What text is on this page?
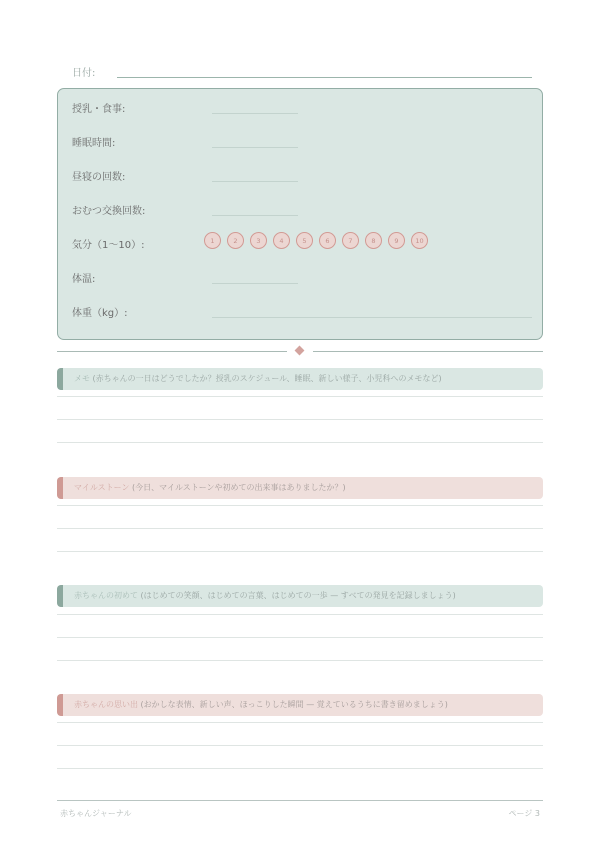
日付:
授乳・食事:
睡眠時間:
昼寝の回数:
おむつ交換回数:
気分（1〜10）:	1	2	3	4	5	6	7	8	9	10
体温:
体重（kg）:
メモ (赤ちゃんの一日はどうでしたか？授乳のスケジュール、睡眠、新しい様子、小児科へのメモなど)
マイルストーン (今日、マイルストーンや初めての出来事はありましたか？)
赤ちゃんの初めて (はじめての笑顔、はじめての言葉、はじめての一歩 — すべての発見を記録しましょう)
赤ちゃんの思い出 (おかしな表情、新しい声、ほっこりした瞬間 — 覚えているうちに書き留めましょう)
赤ちゃんジャーナル	ページ 3
